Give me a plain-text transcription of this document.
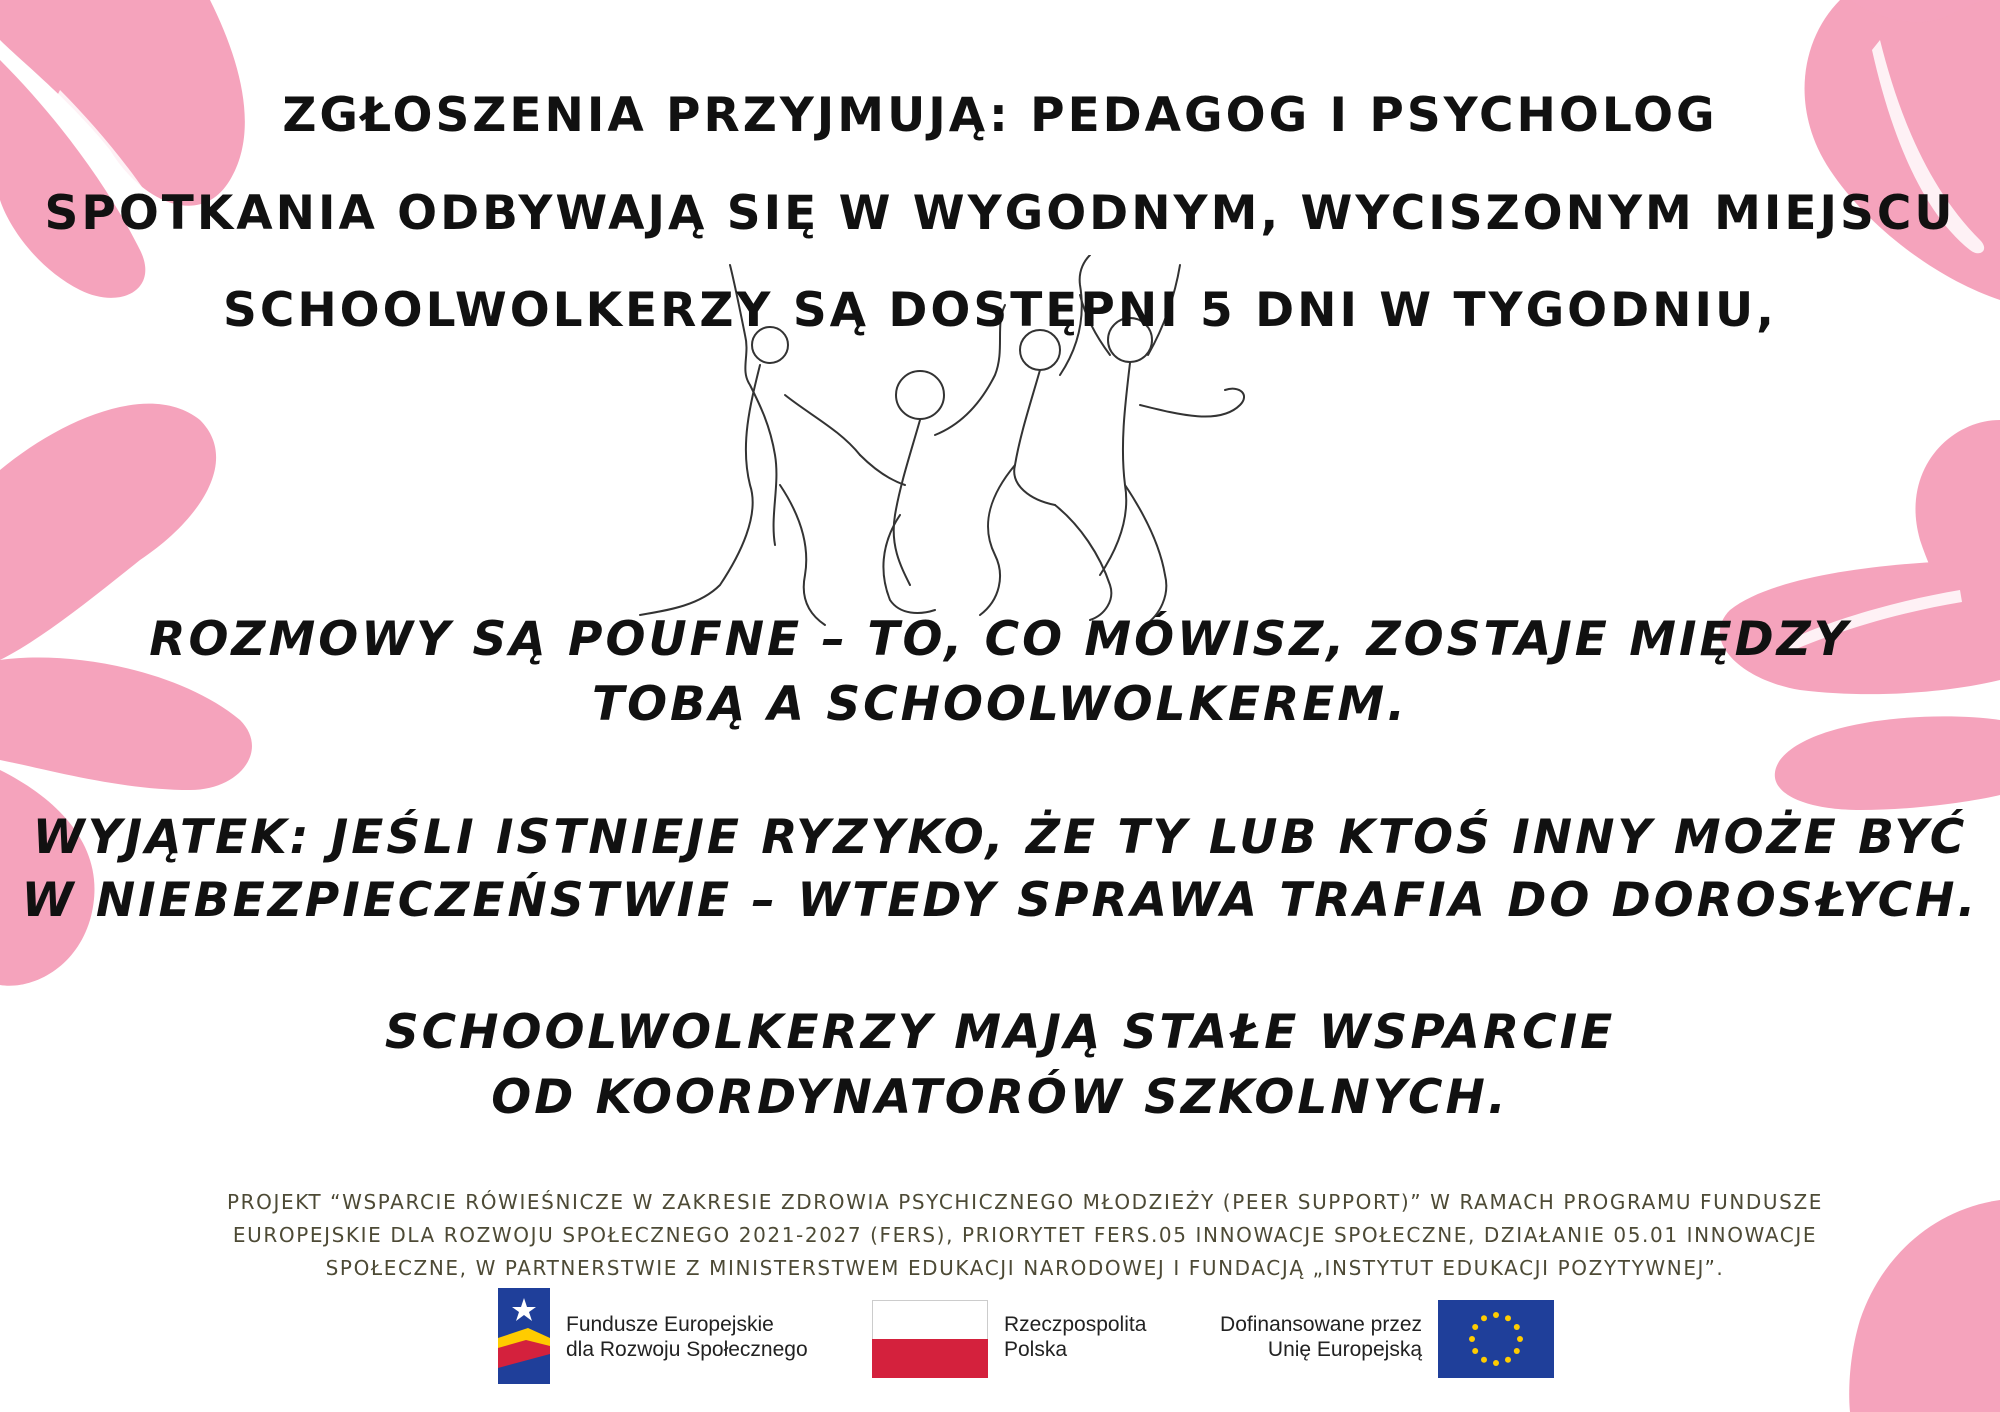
ZGŁOSZENIA PRZYJMUJĄ: PEDAGOG I PSYCHOLOG

SPOTKANIA ODBYWAJĄ SIĘ W WYGODNYM, WYCISZONYM MIEJSCU

SCHOOLWOLKERZY SĄ DOSTĘPNI 5 DNI W TYGODNIU,

ROZMOWY SĄ POUFNE – TO, CO MÓWISZ, ZOSTAJE MIĘDZY

TOBĄ A SCHOOLWOLKEREM.

WYJĄTEK: JEŚLI ISTNIEJE RYZYKO, ŻE TY LUB KTOŚ INNY MOŻE BYĆ

W NIEBEZPIECZEŃSTWIE – WTEDY SPRAWA TRAFIA DO DOROSŁYCH.

SCHOOLWOLKERZY MAJĄ STAŁE WSPARCIE

OD KOORDYNATORÓW SZKOLNYCH.

PROJEKT “WSPARCIE RÓWIEŚNICZE W ZAKRESIE ZDROWIA PSYCHICZNEGO MŁODZIEŻY (PEER SUPPORT)” W RAMACH PROGRAMU FUNDUSZE
EUROPEJSKIE DLA ROZWOJU SPOŁECZNEGO 2021-2027 (FERS), PRIORYTET FERS.05 INNOWACJE SPOŁECZNE, DZIAŁANIE 05.01 INNOWACJE
SPOŁECZNE, W PARTNERSTWIE Z MINISTERSTWEM EDUKACJI NARODOWEJ I FUNDACJĄ „INSTYTUT EDUKACJI POZYTYWNEJ”.
Fundusze Europejskie
dla Rozwoju Społecznego
Rzeczpospolita
Polska
Dofinansowane przez
Unię Europejską
